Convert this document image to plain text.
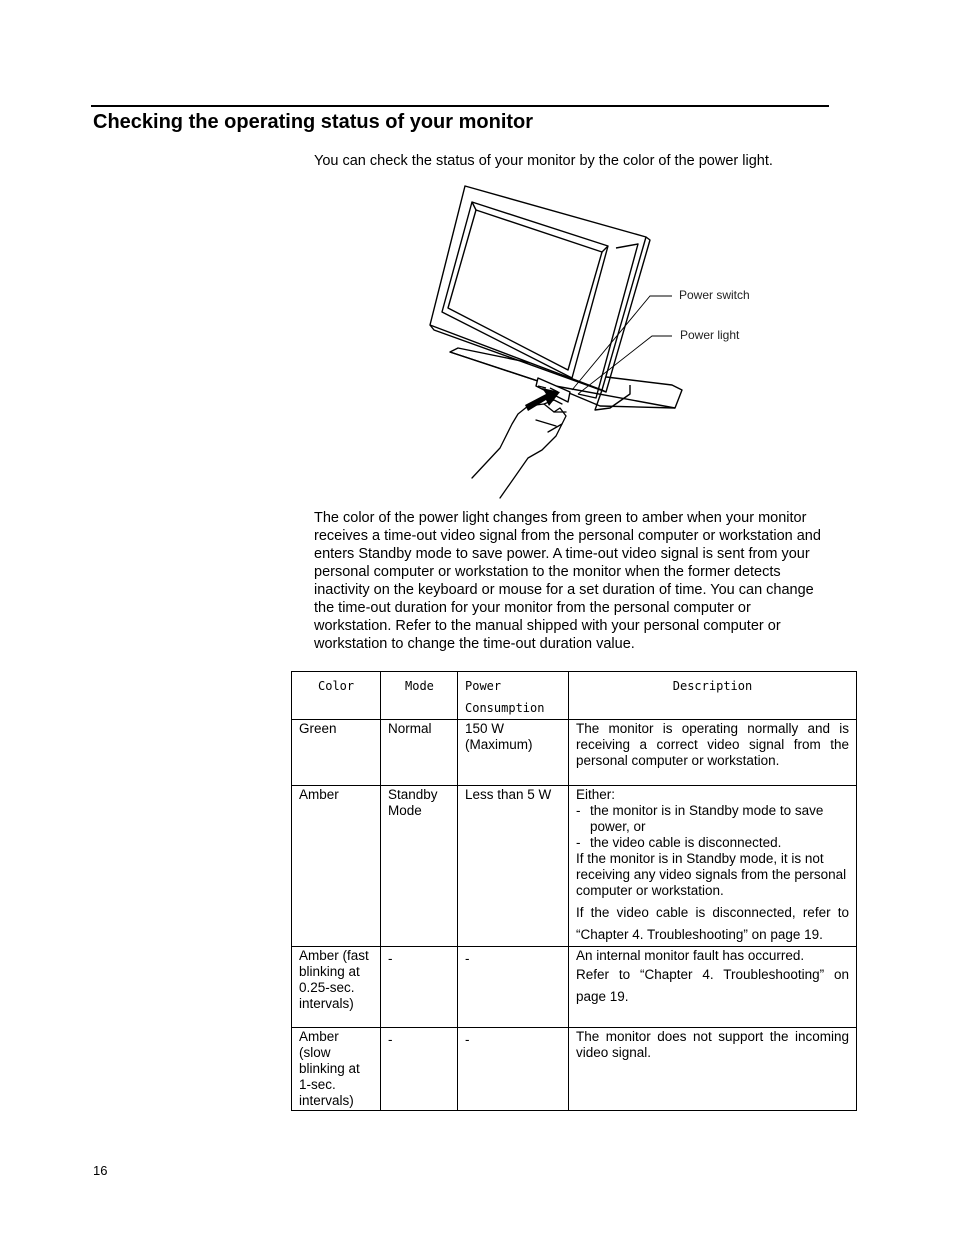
Checking the operating status of your monitor
You can check the status of your monitor by the color of the power light.
Power switch
Power light

The color of the power light changes from green to amber when your monitor receives a time-out video signal from the personal computer or workstation and enters Standby mode to save power. A time-out video signal is sent from your personal computer or workstation to the monitor when the former detects inactivity on the keyboard or mouse for a set duration of time. You can change the time-out duration for your monitor from the personal computer or workstation. Refer to the manual shipped with your personal computer or workstation to change the time-out duration value.

Color	Mode	Power Consumption	Description
Green	Normal	150 W (Maximum)	The monitor is operating normally and is receiving a correct video signal from the personal computer or workstation.
Amber	Standby Mode	Less than 5 W	Either:
- the monitor is in Standby mode to save power, or
- the video cable is disconnected.
If the monitor is in Standby mode, it is not receiving any video signals from the personal computer or workstation.
If the video cable is disconnected, refer to “Chapter 4. Troubleshooting” on page 19.

Amber (fast blinking at 0.25-sec. intervals)	-	-	An internal monitor fault has occurred.
Refer to “Chapter 4. Troubleshooting” on page 19.

Amber (slow blinking at 1-sec. intervals)	-	-	The monitor does not support the incoming video signal.
16
